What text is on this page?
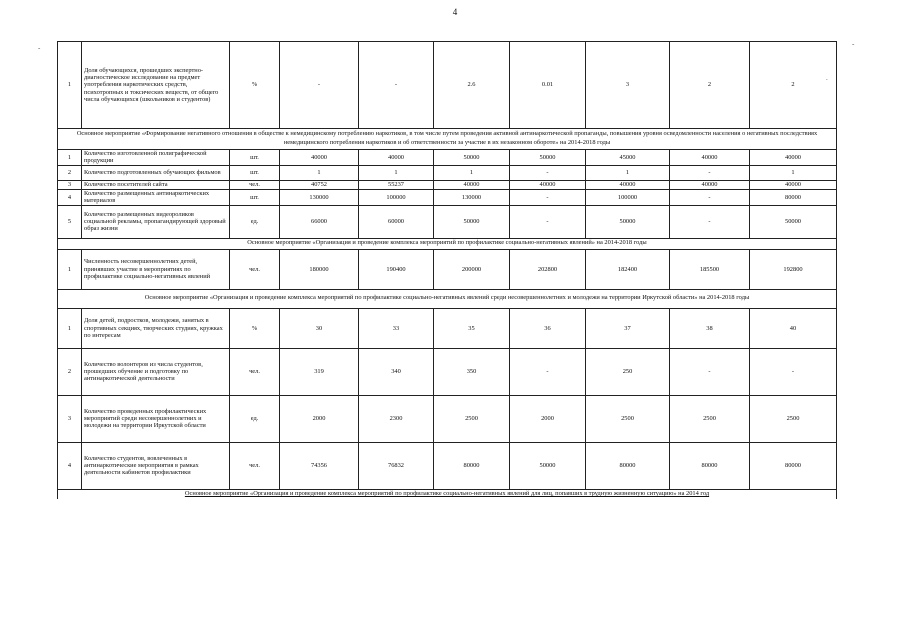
4
-	-
.
1	Доля обучающихся, прошедших экспертно-диагностическое исследование на предмет употребления наркотических средств, психотропных и токсических веществ, от общего числа обучающихся (школьников и студентов)	%	-	-	2.6	0.01	3	2	2
Основное мероприятие «Формирование негативного отношения в обществе к немедицинскому потреблению наркотиков, в том числе путем проведения активной антинаркотической пропаганды, повышения уровня осведомленности населения о негативных последствиях немедицинского потребления наркотиков и об ответственности за участие в их незаконном обороте» на 2014-2018 годы									
1	Количество изготовленной полиграфической продукции	шт.	40000	40000	50000	50000	45000	40000	40000
2	Количество подготовленных обучающих фильмов	шт.	1	1	1	-	1	-	1
3	Количество посетителей сайта	чел.	40752	55237	40000	40000	40000	40000	40000
4	Количество размещенных антинаркотических материалов	шт.	130000	100000	130000	-	100000	-	80000
5	Количество размещенных видеороликов социальной рекламы, пропагандирующей здоровый образ жизни	ед.	66000	60000	50000	-	50000	-	50000
Основное мероприятие «Организация и проведение комплекса мероприятий по профилактике социально-негативных явлений» на 2014-2018 годы									
1	Численность несовершеннолетних детей, принявших участие в мероприятиях по профилактике социально-негативных явлений	чел.	180000	190400	200000	202800	182400	185500	192800
Основное мероприятие «Организация и проведение комплекса мероприятий по профилактике социально-негативных явлений среди несовершеннолетних и молодежи на территории Иркутской области» на 2014-2018 годы									
1	Доля детей, подростков, молодежи, занятых в спортивных секциях, творческих студиях, кружках по интересам	%	30	33	35	36	37	38	40
2	Количество волонтеров из числа студентов, прошедших обучение и подготовку по антинаркотической деятельности	чел.	319	340	350	-	250	-	-
3	Количество проведенных профилактических мероприятий среди несовершеннолетних и молодежи на территории Иркутской области	ед.	2000	2300	2500	2000	2500	2500	2500
4	Количество студентов, вовлеченных в антинаркотические мероприятия в рамках деятельности кабинетов профилактики	чел.	74356	76832	80000	50000	80000	80000	80000
Основное мероприятие «Организация и проведение комплекса мероприятий по профилактике социально-негативных явлений для лиц, попавших в трудную жизненную ситуацию» на 2014 год									
